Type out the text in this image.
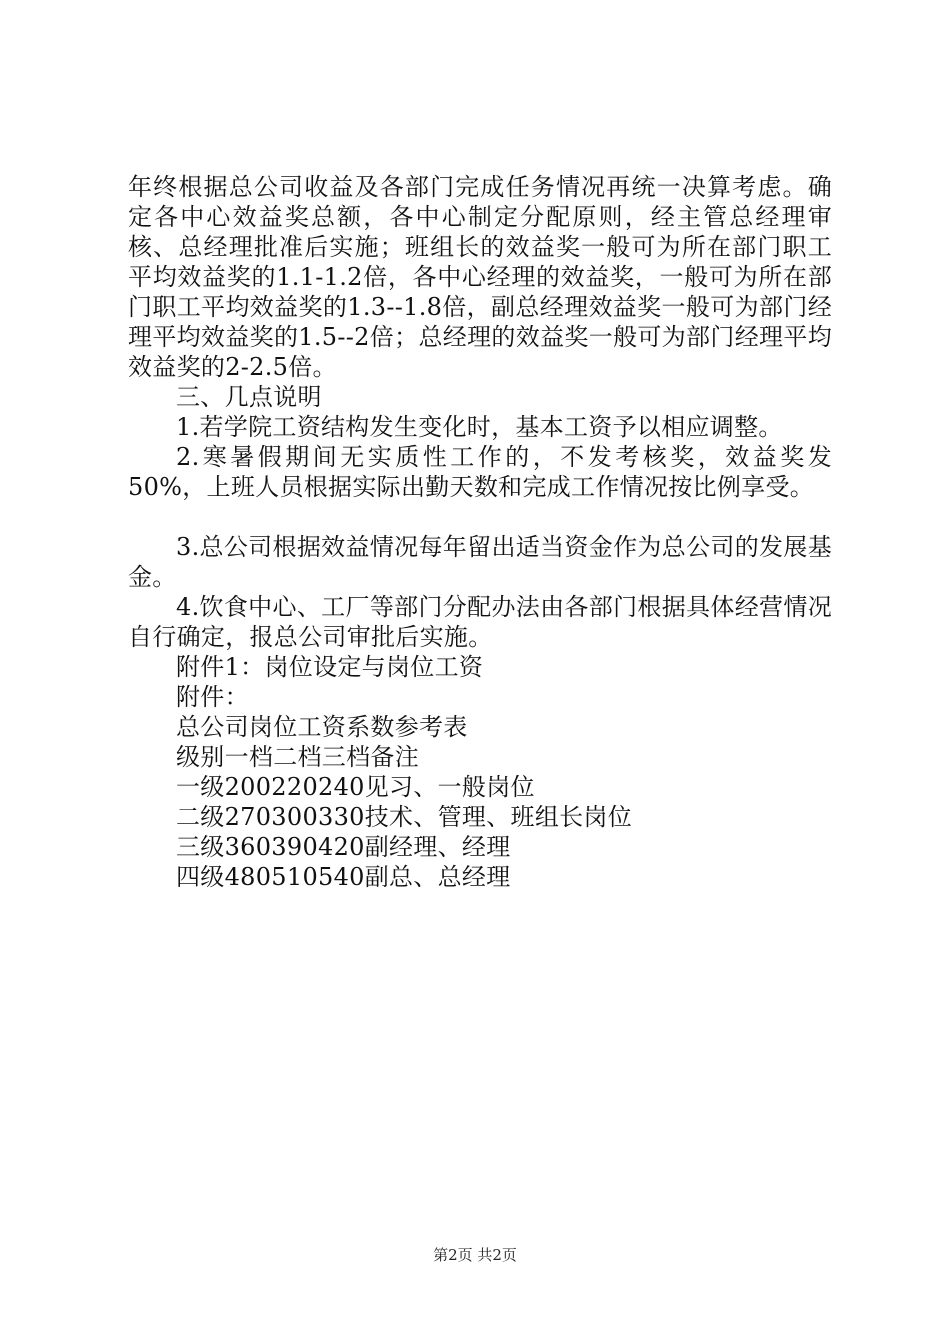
年终根据总公司收益及各部门完成任务情况再统一决算考虑。确定各中心效益奖总额，各中心制定分配原则，经主管总经理审核、总经理批准后实施；班组长的效益奖一般可为所在部门职工平均效益奖的1.1-1.2倍，各中心经理的效益奖，一般可为所在部门职工平均效益奖的1.3--1.8倍，副总经理效益奖一般可为部门经理平均效益奖的1.5--2倍；总经理的效益奖一般可为部门经理平均效益奖的2-2.5倍。

三、几点说明

1.若学院工资结构发生变化时，基本工资予以相应调整。

2.寒暑假期间无实质性工作的，不发考核奖，效益奖发50%，上班人员根据实际出勤天数和完成工作情况按比例享受。

3.总公司根据效益情况每年留出适当资金作为总公司的发展基金。

4.饮食中心、工厂等部门分配办法由各部门根据具体经营情况自行确定，报总公司审批后实施。

附件1：岗位设定与岗位工资

附件：

总公司岗位工资系数参考表

级别一档二档三档备注

一级200220240见习、一般岗位

二级270300330技术、管理、班组长岗位

三级360390420副经理、经理

四级480510540副总、总经理

第2页 共2页
